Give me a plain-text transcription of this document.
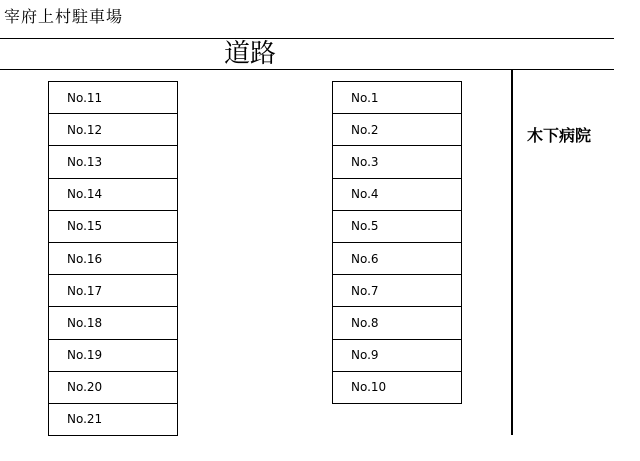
宰府上村駐車場
道路
木下病院
No.11
No.12
No.13
No.14
No.15
No.16
No.17
No.18
No.19
No.20
No.21
No.1
No.2
No.3
No.4
No.5
No.6
No.7
No.8
No.9
No.10
